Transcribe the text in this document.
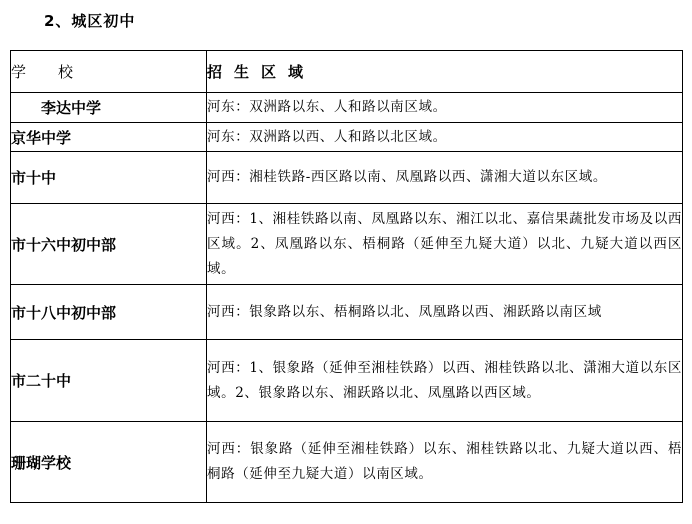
2、城区初中
学校	招生区域
李达中学	河东：双洲路以东、人和路以南区域。
京华中学	河东：双洲路以西、人和路以北区域。
市十中	河西：湘桂铁路-西区路以南、凤凰路以西、潇湘大道以东区域。
市十六中初中部	河西：1、湘桂铁路以南、凤凰路以东、湘江以北、嘉信果蔬批发市场及以西区域。2、凤凰路以东、梧桐路（延伸至九疑大道）以北、九疑大道以西区域。
市十八中初中部	河西：银象路以东、梧桐路以北、凤凰路以西、湘跃路以南区域
市二十中	河西：1、银象路（延伸至湘桂铁路）以西、湘桂铁路以北、潇湘大道以东区域。2、银象路以东、湘跃路以北、凤凰路以西区域。
珊瑚学校	河西：银象路（延伸至湘桂铁路）以东、湘桂铁路以北、九疑大道以西、梧桐路（延伸至九疑大道）以南区域。
